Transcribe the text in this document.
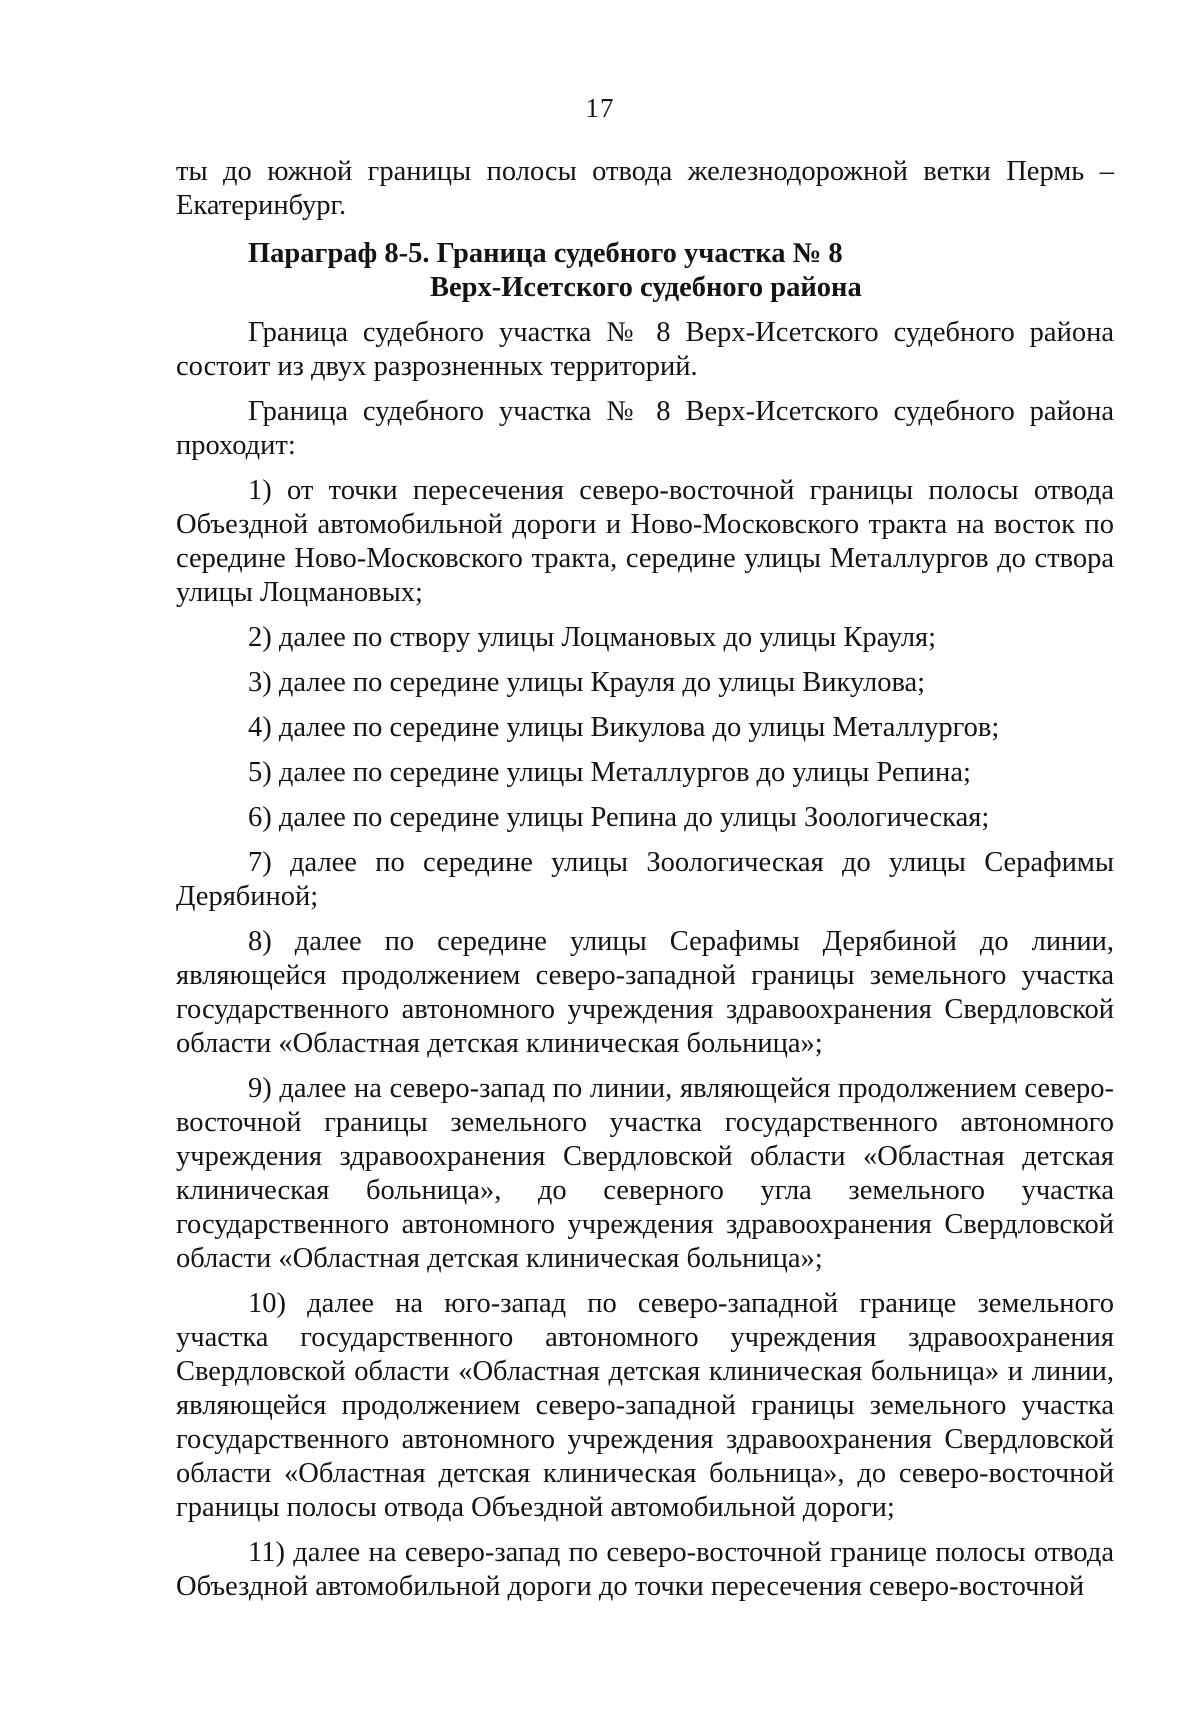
17

ты до южной границы полосы отвода железнодорожной ветки Пермь – Екатеринбург.

Параграф 8-5. Граница судебного участка № 8
Верх-Исетского судебного района

Граница судебного участка № 8 Верх-Исетского судебного района состоит из двух разрозненных территорий.

Граница судебного участка № 8 Верх-Исетского судебного района проходит:

1) от точки пересечения северо-восточной границы полосы отвода Объездной автомобильной дороги и Ново-Московского тракта на восток по середине Ново-Московского тракта, середине улицы Металлургов до створа улицы Лоцмановых;

2) далее по створу улицы Лоцмановых до улицы Крауля;

3) далее по середине улицы Крауля до улицы Викулова;

4) далее по середине улицы Викулова до улицы Металлургов;

5) далее по середине улицы Металлургов до улицы Репина;

6) далее по середине улицы Репина до улицы Зоологическая;

7) далее по середине улицы Зоологическая до улицы Серафимы Дерябиной;

8) далее по середине улицы Серафимы Дерябиной до линии, являющейся продолжением северо-западной границы земельного участка государственного автономного учреждения здравоохранения Свердловской области «Областная детская клиническая больница»;

9) далее на северо-запад по линии, являющейся продолжением северо-восточной границы земельного участка государственного автономного учреждения здравоохранения Свердловской области «Областная детская клиническая больница», до северного угла земельного участка государственного автономного учреждения здравоохранения Свердловской области «Областная детская клиническая больница»;

10) далее на юго-запад по северо-западной границе земельного участка государственного автономного учреждения здравоохранения Свердловской области «Областная детская клиническая больница» и линии, являющейся продолжением северо-западной границы земельного участка государственного автономного учреждения здравоохранения Свердловской области «Областная детская клиническая больница», до северо-восточной границы полосы отвода Объездной автомобильной дороги;

11) далее на северо-запад по северо-восточной границе полосы отвода Объездной автомобильной дороги до точки пересечения северо-восточной
